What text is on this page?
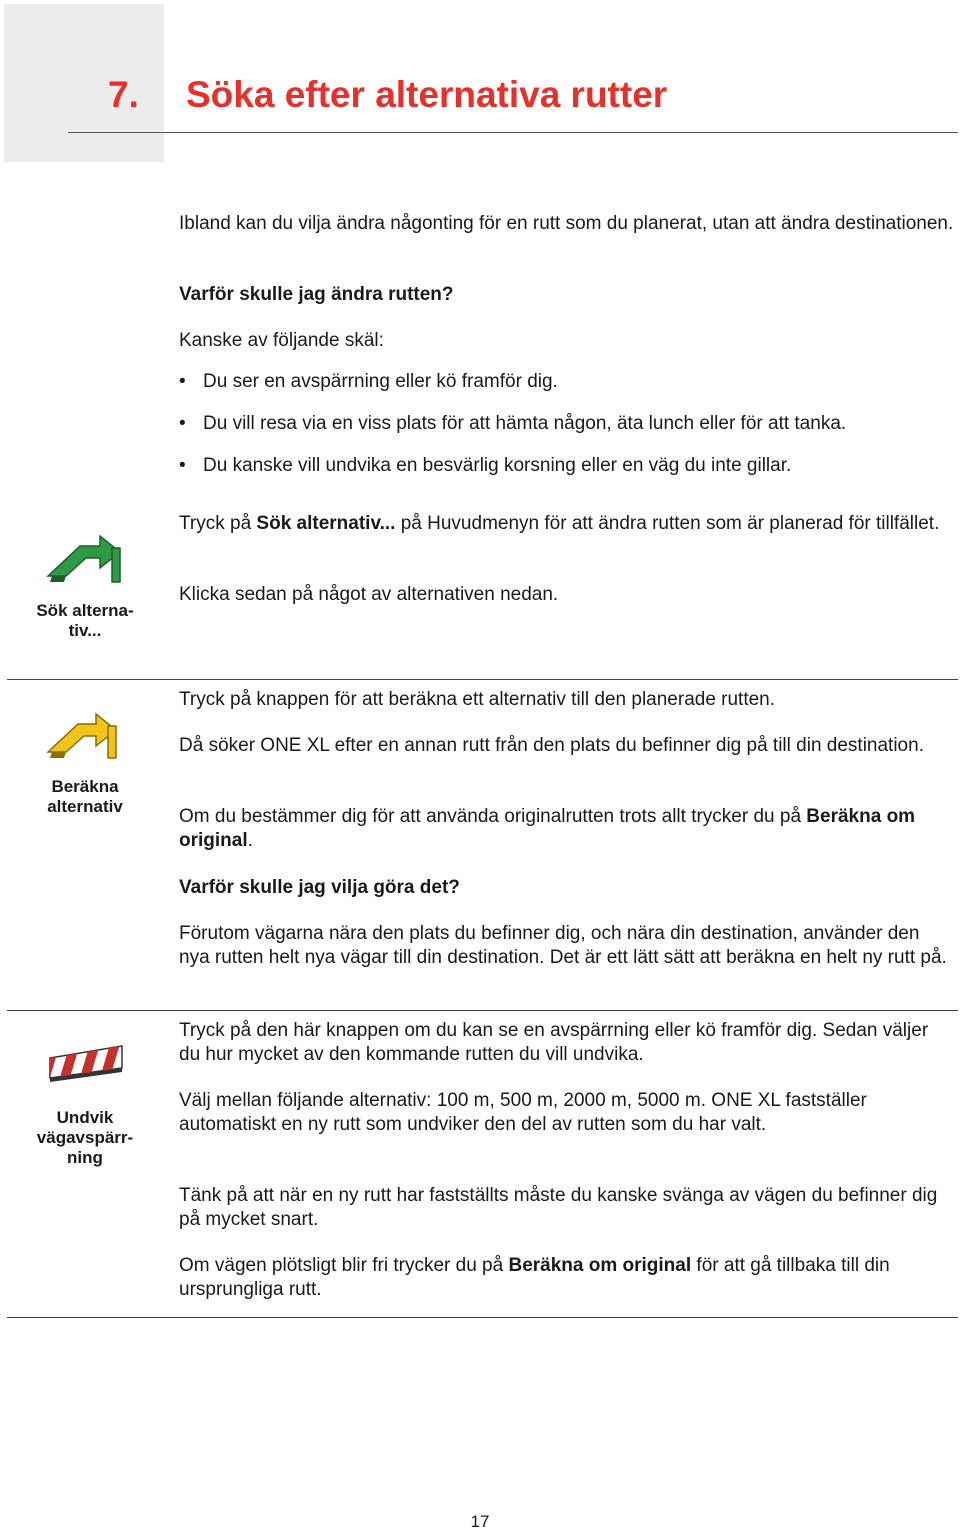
7. Söka efter alternativa rutter

Ibland kan du vilja ändra någonting för en rutt som du planerat, utan att ändra destinationen.

Varför skulle jag ändra rutten?

Kanske av följande skäl:

• Du ser en avspärrning eller kö framför dig.
• Du vill resa via en viss plats för att hämta någon, äta lunch eller för att tanka.
• Du kanske vill undvika en besvärlig korsning eller en väg du inte gillar.
Sök alterna-
tiv...

Tryck på Sök alternativ... på Huvudmenyn för att ändra rutten som är planerad för tillfället.

Klicka sedan på något av alternativen nedan.

Beräkna
alternativ

Tryck på knappen för att beräkna ett alternativ till den planerade rutten.

Då söker ONE XL efter en annan rutt från den plats du befinner dig på till din destination.

Om du bestämmer dig för att använda originalrutten trots allt trycker du på Beräkna om original.

Varför skulle jag vilja göra det?

Förutom vägarna nära den plats du befinner dig, och nära din destination, använder den nya rutten helt nya vägar till din destination. Det är ett lätt sätt att beräkna en helt ny rutt på.

Undvik
vägavspärr-
ning

Tryck på den här knappen om du kan se en avspärrning eller kö framför dig. Sedan väljer du hur mycket av den kommande rutten du vill undvika.

Välj mellan följande alternativ: 100 m, 500 m, 2000 m, 5000 m. ONE XL fastställer automatiskt en ny rutt som undviker den del av rutten som du har valt.

Tänk på att när en ny rutt har fastställts måste du kanske svänga av vägen du befinner dig på mycket snart.

Om vägen plötsligt blir fri trycker du på Beräkna om original för att gå tillbaka till din ursprungliga rutt.

17
